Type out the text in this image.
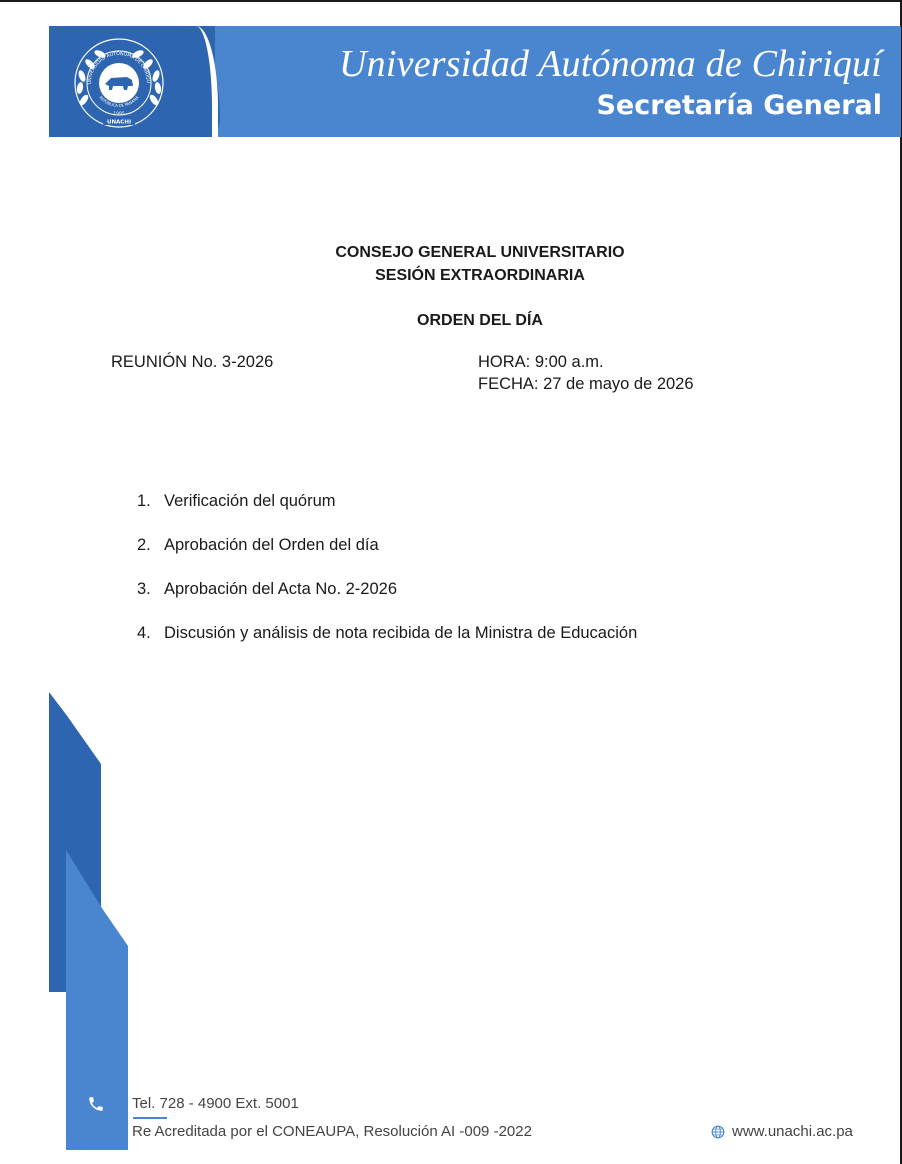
UNIVERSIDAD AUTÓNOMA DE CHIRIQU
REPÚBLICA DE PANAMÁ
1995
UNACHI
Universidad Autónoma de Chiriquí
Secretaría General
CONSEJO GENERAL UNIVERSITARIO
SESIÓN EXTRAORDINARIA
ORDEN DEL DÍA
REUNIÓN No. 3-2026	HORA: 9:00 a.m.
FECHA: 27 de mayo de 2026
1. Verificación del quórum
2. Aprobación del Orden del día
3. Aprobación del Acta No. 2-2026
4. Discusión y análisis de nota recibida de la Ministra de Educación
Tel. 728 - 4900 Ext. 5001
Re Acreditada por el CONEAUPA, Resolución AI -009 -2022	www.unachi.ac.pa
